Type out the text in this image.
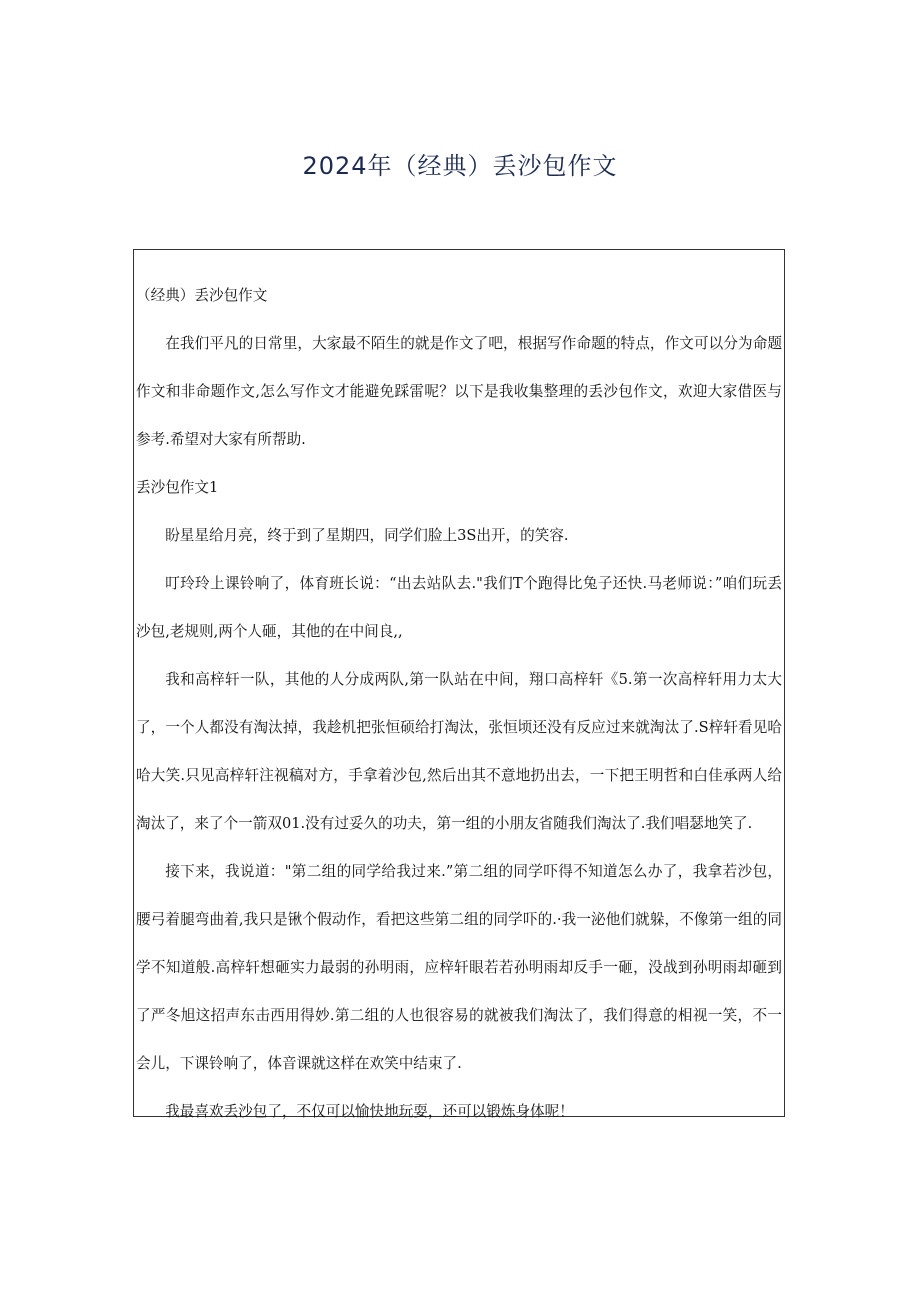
2024年（经典）丢沙包作文

（经典）丢沙包作文

在我们平凡的日常里，大家最不陌生的就是作文了吧，根据写作命题的特点，作文可以分为命题作文和非命题作文,怎么写作文才能避免踩雷呢？以下是我收集整理的丢沙包作文，欢迎大家借医与参考.希望对大家有所帮助.

丢沙包作文1

盼星星给月亮，终于到了星期四，同学们脸上3S出开，的笑容.

叮玲玲上课铃响了，体育班长说：“出去站队去."我们T个跑得比兔子还快.马老师说：”咱们玩丢沙包,老规则,两个人砸，其他的在中间良,,

我和高梓轩一队，其他的人分成两队,第一队站在中间，翔口高梓轩《5.第一次高梓轩用力太大了，一个人都没有淘汰掉，我趁机把张恒硕给打淘汰，张恒顷还没有反应过来就淘汰了.S梓轩看见哈哈大笑.只见高梓轩注视稿对方，手拿着沙包,然后出其不意地扔出去，一下把王明哲和白佳承两人给淘汰了，来了个一箭双01.没有过妥久的功夫，第一组的小朋友省随我们淘汰了.我们唱瑟地笑了.

接下来，我说道："第二组的同学给我过来.”第二组的同学吓得不知道怎么办了，我拿若沙包，腰弓着腿弯曲着,我只是锹个假动作，看把这些第二组的同学吓的.·我一泌他们就躲，不像第一组的同学不知道般.高梓轩想砸实力最弱的孙明雨，应梓轩眼若若孙明雨却反手一砸，没战到孙明雨却砸到了严冬旭这招声东击西用得妙.第二组的人也很容易的就被我们淘汰了，我们得意的相视一笑，不一会儿，下课铃响了，体音课就这样在欢笑中结束了.

我最喜欢丢沙包了，不仅可以愉快地玩耍，还可以锻炼身体呢！
